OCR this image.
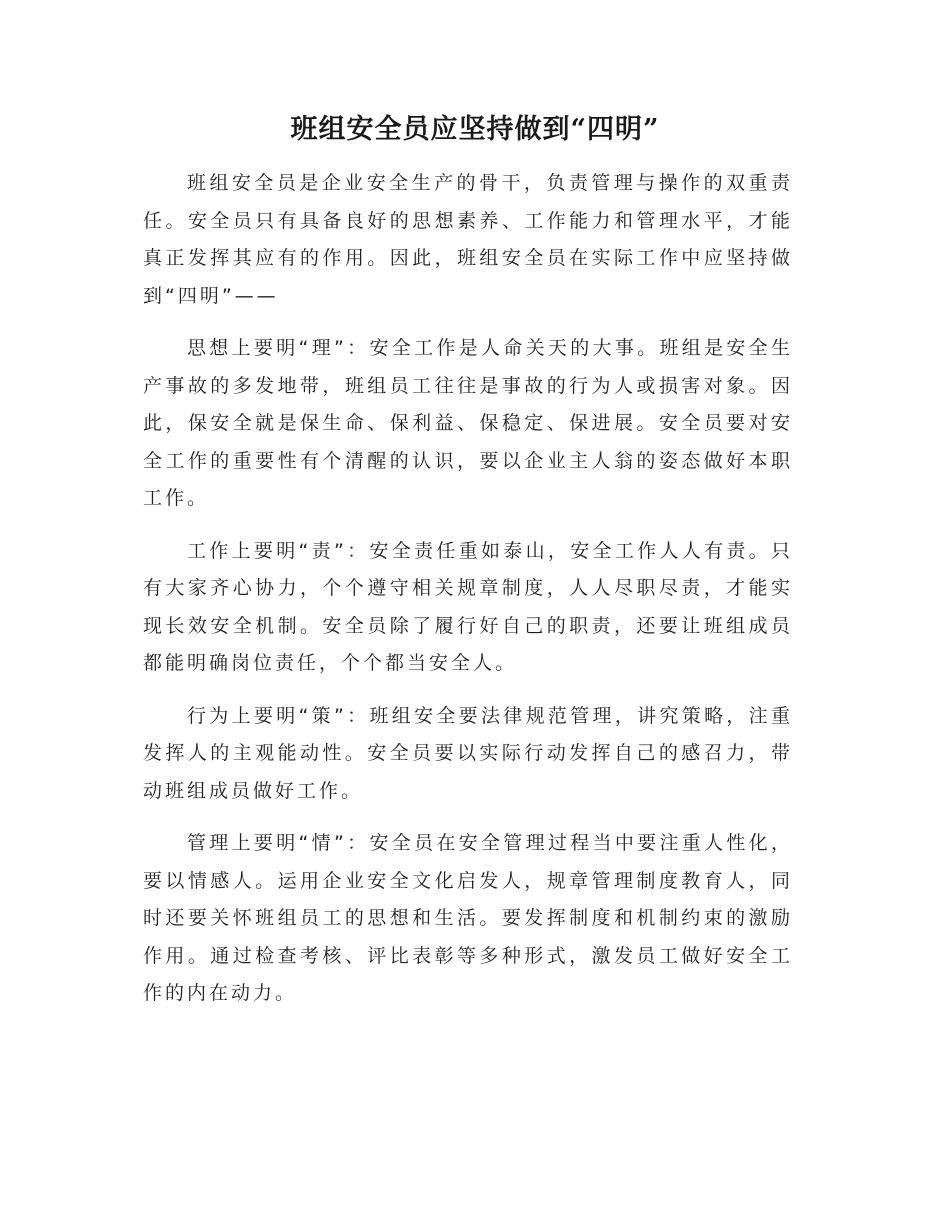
班组安全员应坚持做到“四明”

班组安全员是企业安全生产的骨干，负责管理与操作的双重责任。安全员只有具备良好的思想素养、工作能力和管理水平，才能真正发挥其应有的作用。因此，班组安全员在实际工作中应坚持做到“四明”——

思想上要明“理”：安全工作是人命关天的大事。班组是安全生产事故的多发地带，班组员工往往是事故的行为人或损害对象。因此，保安全就是保生命、保利益、保稳定、保进展。安全员要对安全工作的重要性有个清醒的认识，要以企业主人翁的姿态做好本职工作。

工作上要明“责”：安全责任重如泰山，安全工作人人有责。只有大家齐心协力，个个遵守相关规章制度，人人尽职尽责，才能实现长效安全机制。安全员除了履行好自己的职责，还要让班组成员都能明确岗位责任，个个都当安全人。

行为上要明“策”：班组安全要法律规范管理，讲究策略，注重发挥人的主观能动性。安全员要以实际行动发挥自己的感召力，带动班组成员做好工作。

管理上要明“情”：安全员在安全管理过程当中要注重人性化，要以情感人。运用企业安全文化启发人，规章管理制度教育人，同时还要关怀班组员工的思想和生活。要发挥制度和机制约束的激励作用。通过检查考核、评比表彰等多种形式，激发员工做好安全工作的内在动力。
